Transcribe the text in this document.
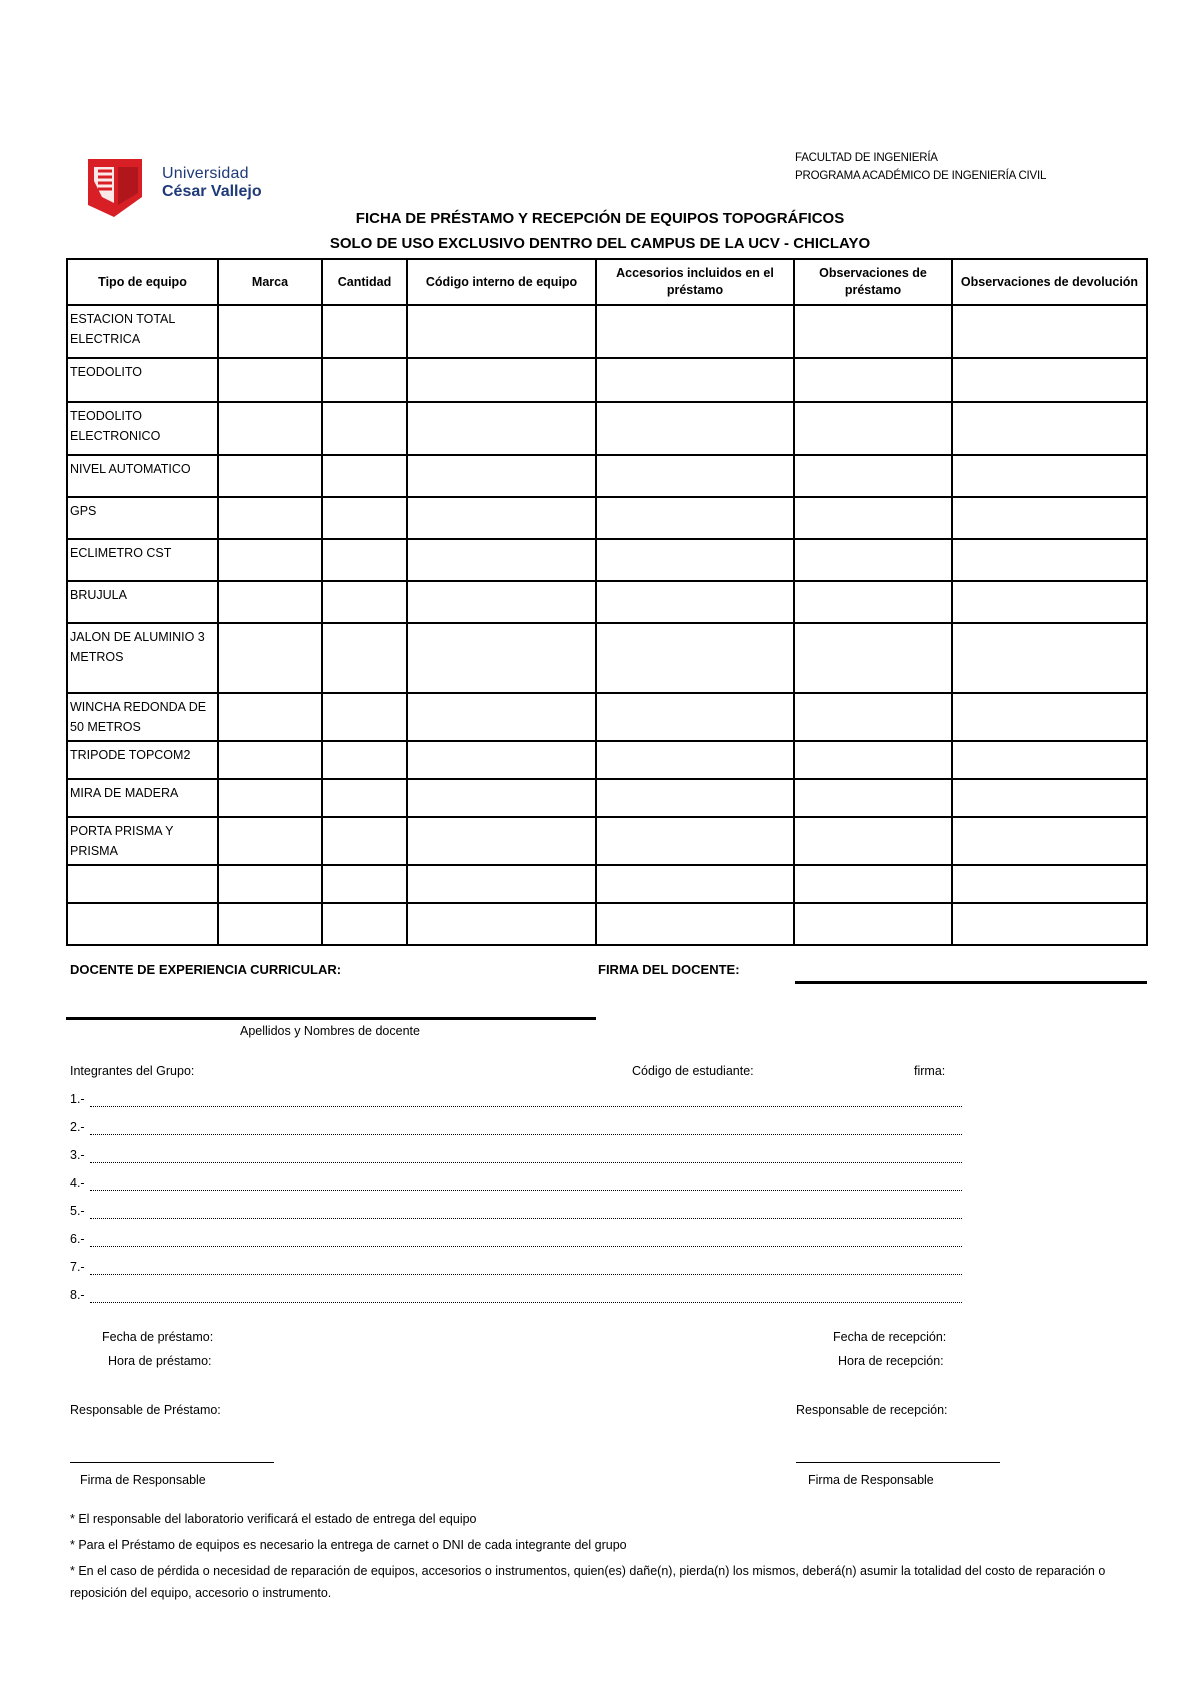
Universidad
César Vallejo
FACULTAD DE INGENIERÍA
PROGRAMA ACADÉMICO DE INGENIERÍA CIVIL
FICHA DE PRÉSTAMO Y RECEPCIÓN DE EQUIPOS TOPOGRÁFICOS
SOLO DE USO EXCLUSIVO DENTRO DEL CAMPUS DE LA UCV - CHICLAYO
Tipo de equipo	Marca	Cantidad	Código interno de equipo	Accesorios incluidos en el préstamo	Observaciones de préstamo	Observaciones de devolución
ESTACION TOTAL ELECTRICA						
TEODOLITO						
TEODOLITO ELECTRONICO						
NIVEL AUTOMATICO						
GPS						
ECLIMETRO CST						
BRUJULA						
JALON DE ALUMINIO 3 METROS						
WINCHA REDONDA DE 50 METROS						
TRIPODE TOPCOM2						
MIRA DE MADERA						
PORTA PRISMA Y PRISMA						

DOCENTE DE EXPERIENCIA CURRICULAR:	FIRMA DEL DOCENTE:
Apellidos y Nombres de docente
Integrantes del Grupo:	Código de estudiante:	firma:
1.-
2.-
3.-
4.-
5.-
6.-
7.-
8.-
Fecha de préstamo:
Hora de préstamo:
Fecha de recepción:
Hora de recepción:
Responsable de Préstamo:	Responsable de recepción:
Firma de Responsable	Firma de Responsable
* El responsable del laboratorio verificará el estado de entrega del equipo
* Para el Préstamo de equipos es necesario la entrega de carnet o DNI de cada integrante del grupo
* En el caso de pérdida o necesidad de reparación de equipos, accesorios o instrumentos, quien(es) dañe(n), pierda(n) los mismos, deberá(n) asumir la totalidad del costo de reparación o reposición del equipo, accesorio o instrumento.
